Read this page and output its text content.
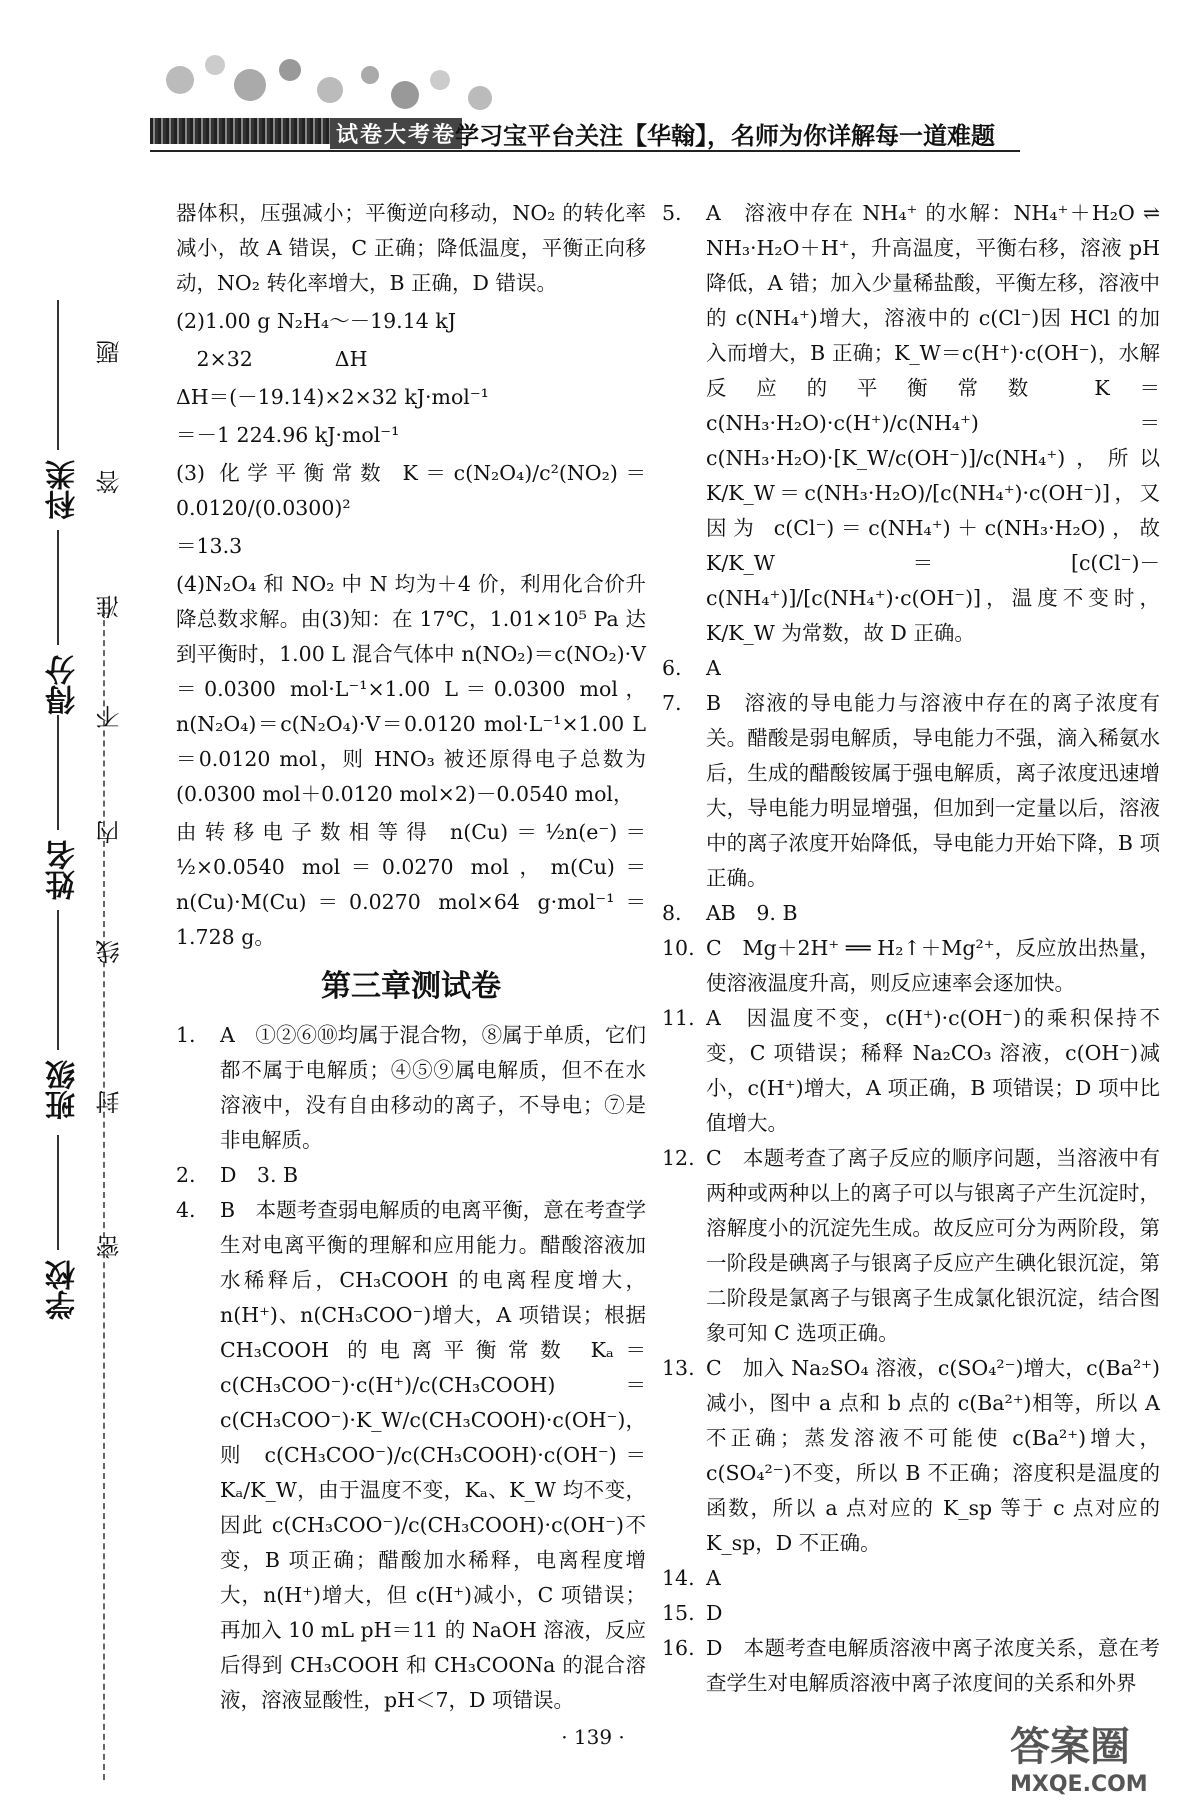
试卷大考卷
学习宝平台关注【华翰】，名师为你详解每一道难题
科类
得分
姓名
班级
学校
题
答
准
不
内
线
封
密

器体积，压强减小；平衡逆向移动，NO₂ 的转化率减小，故 A 错误，C 正确；降低温度，平衡正向移动，NO₂ 转化率增大，B 正确，D 错误。

(2)1.00 g N₂H₄～－19.14 kJ

　2×32　　　　ΔH

ΔH＝(－19.14)×2×32 kJ·mol⁻¹

＝－1 224.96 kJ·mol⁻¹

(3) 化学平衡常数 K＝c(N₂O₄)/c²(NO₂)＝0.0120/(0.0300)²

＝13.3

(4)N₂O₄ 和 NO₂ 中 N 均为＋4 价，利用化合价升降总数求解。由(3)知：在 17℃，1.01×10⁵ Pa 达到平衡时，1.00 L 混合气体中 n(NO₂)＝c(NO₂)·V＝0.0300 mol·L⁻¹×1.00 L＝0.0300 mol，n(N₂O₄)＝c(N₂O₄)·V＝0.0120 mol·L⁻¹×1.00 L＝0.0120 mol，则 HNO₃ 被还原得电子总数为(0.0300 mol＋0.0120 mol×2)－0.0540 mol，

由转移电子数相等得 n(Cu)＝½n(e⁻)＝½×0.0540 mol＝0.0270 mol，m(Cu)＝n(Cu)·M(Cu)＝0.0270 mol×64 g·mol⁻¹＝1.728 g。

第三章测试卷
1.	A　①②⑥⑩均属于混合物，⑧属于单质，它们都不属于电解质；④⑤⑨属电解质，但不在水溶液中，没有自由移动的离子，不导电；⑦是非电解质。
2.	D　3. B
4.	B　本题考查弱电解质的电离平衡，意在考查学生对电离平衡的理解和应用能力。醋酸溶液加水稀释后，CH₃COOH 的电离程度增大，n(H⁺)、n(CH₃COO⁻)增大，A 项错误；根据 CH₃COOH 的电离平衡常数 Kₐ＝c(CH₃COO⁻)·c(H⁺)/c(CH₃COOH)＝c(CH₃COO⁻)·K_W/c(CH₃COOH)·c(OH⁻)，则 c(CH₃COO⁻)/c(CH₃COOH)·c(OH⁻)＝Kₐ/K_W，由于温度不变，Kₐ、K_W 均不变，因此 c(CH₃COO⁻)/c(CH₃COOH)·c(OH⁻)不变，B 项正确；醋酸加水稀释，电离程度增大，n(H⁺)增大，但 c(H⁺)减小，C 项错误；再加入 10 mL pH＝11 的 NaOH 溶液，反应后得到 CH₃COOH 和 CH₃COONa 的混合溶液，溶液显酸性，pH＜7，D 项错误。
5.	A　溶液中存在 NH₄⁺ 的水解：NH₄⁺＋H₂O ⇌ NH₃·H₂O＋H⁺，升高温度，平衡右移，溶液 pH 降低，A 错；加入少量稀盐酸，平衡左移，溶液中的 c(NH₄⁺)增大，溶液中的 c(Cl⁻)因 HCl 的加入而增大，B 正确；K_W＝c(H⁺)·c(OH⁻)，水解反应的平衡常数 K＝c(NH₃·H₂O)·c(H⁺)/c(NH₄⁺)＝c(NH₃·H₂O)·[K_W/c(OH⁻)]/c(NH₄⁺)，所以 K/K_W＝c(NH₃·H₂O)/[c(NH₄⁺)·c(OH⁻)]，又因为 c(Cl⁻)＝c(NH₄⁺)＋c(NH₃·H₂O)，故 K/K_W＝[c(Cl⁻)－c(NH₄⁺)]/[c(NH₄⁺)·c(OH⁻)]，温度不变时，K/K_W 为常数，故 D 正确。
6.	A
7.	B　溶液的导电能力与溶液中存在的离子浓度有关。醋酸是弱电解质，导电能力不强，滴入稀氨水后，生成的醋酸铵属于强电解质，离子浓度迅速增大，导电能力明显增强，但加到一定量以后，溶液中的离子浓度开始降低，导电能力开始下降，B 项正确。
8.	AB　9. B
10. C　Mg＋2H⁺ ══ H₂↑＋Mg²⁺，反应放出热量，使溶液温度升高，则反应速率会逐加快。
11. A　因温度不变，c(H⁺)·c(OH⁻)的乘积保持不变，C 项错误；稀释 Na₂CO₃ 溶液，c(OH⁻)减小，c(H⁺)增大，A 项正确，B 项错误；D 项中比值增大。
12. C　本题考查了离子反应的顺序问题，当溶液中有两种或两种以上的离子可以与银离子产生沉淀时，溶解度小的沉淀先生成。故反应可分为两阶段，第一阶段是碘离子与银离子反应产生碘化银沉淀，第二阶段是氯离子与银离子生成氯化银沉淀，结合图象可知 C 选项正确。
13. C　加入 Na₂SO₄ 溶液，c(SO₄²⁻)增大，c(Ba²⁺)减小，图中 a 点和 b 点的 c(Ba²⁺)相等，所以 A 不正确；蒸发溶液不可能使 c(Ba²⁺)增大，c(SO₄²⁻)不变，所以 B 不正确；溶度积是温度的函数，所以 a 点对应的 K_sp 等于 c 点对应的 K_sp，D 不正确。
14. A
15. D
16. D　本题考查电解质溶液中离子浓度关系，意在考查学生对电解质溶液中离子浓度间的关系和外界
· 139 ·	答案圈
MXQE.COM
